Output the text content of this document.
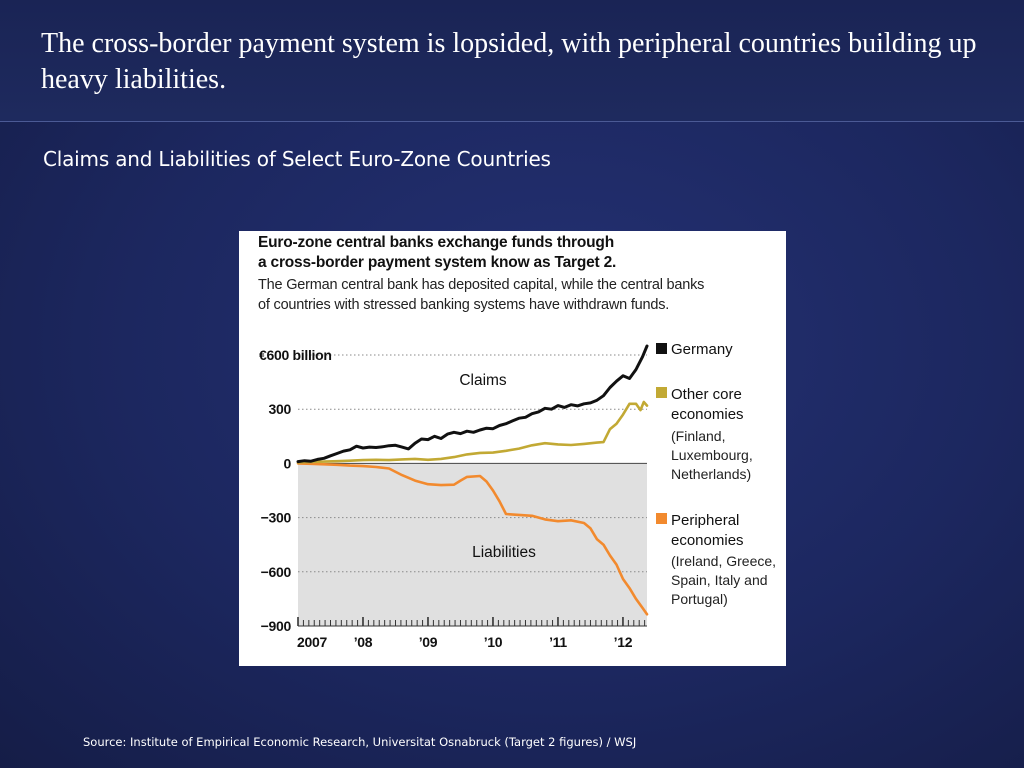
The cross-border payment system is lopsided, with peripheral countries building up heavy liabilities.
Claims and Liabilities of Select Euro-Zone Countries
€600 billion
300
0
−300
−600
−900
2007 ’08	’09	’10	’11	’12
Claims
Liabilities
Germany
Other core
economies
(Finland,
Luxembourg,
Netherlands)
Peripheral
economies
(Ireland, Greece,
Spain, Italy and
Portugal)

Euro-zone central banks exchange funds through
a cross-border payment system know as Target 2.

The German central bank has deposited capital, while the central banks
of countries with stressed banking systems have withdrawn funds.

Source: Institute of Empirical Economic Research, Universitat Osnabruck (Target 2 figures) / WSJ
